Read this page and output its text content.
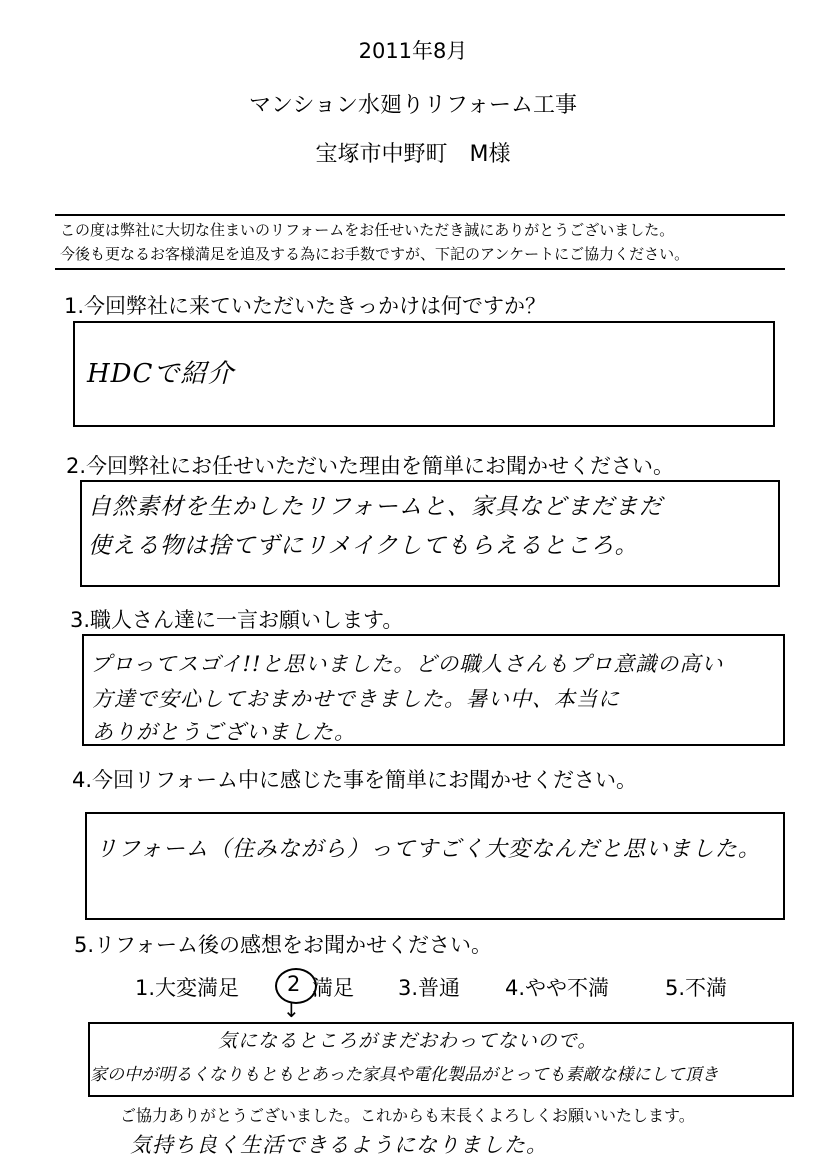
2011年8月
マンション水廻りリフォーム工事
宝塚市中野町　M様
この度は弊社に大切な住まいのリフォームをお任せいただき誠にありがとうございました。
今後も更なるお客様満足を追及する為にお手数ですが、下記のアンケートにご協力ください。
1.今回弊社に来ていただいたきっかけは何ですか？
HDCで紹介
2.今回弊社にお任せいただいた理由を簡単にお聞かせください。
自然素材を生かしたリフォームと、家具などまだまだ
使える物は捨てずにリメイクしてもらえるところ。
3.職人さん達に一言お願いします。
プロってスゴイ!!と思いました。どの職人さんもプロ意識の高い
方達で安心しておまかせできました。暑い中、本当に
ありがとうございました。
4.今回リフォーム中に感じた事を簡単にお聞かせください。
リフォーム（住みながら）ってすごく大変なんだと思いました。
5.リフォーム後の感想をお聞かせください。
1.大変満足 2 満足 3.普通 4.やや不満	5.不満
↓
気になるところがまだおわってないので。
家の中が明るくなりもともとあった家具や電化製品がとっても素敵な様にして頂き
ご協力ありがとうございました。これからも末長くよろしくお願いいたします。
気持ち良く生活できるようになりました。
